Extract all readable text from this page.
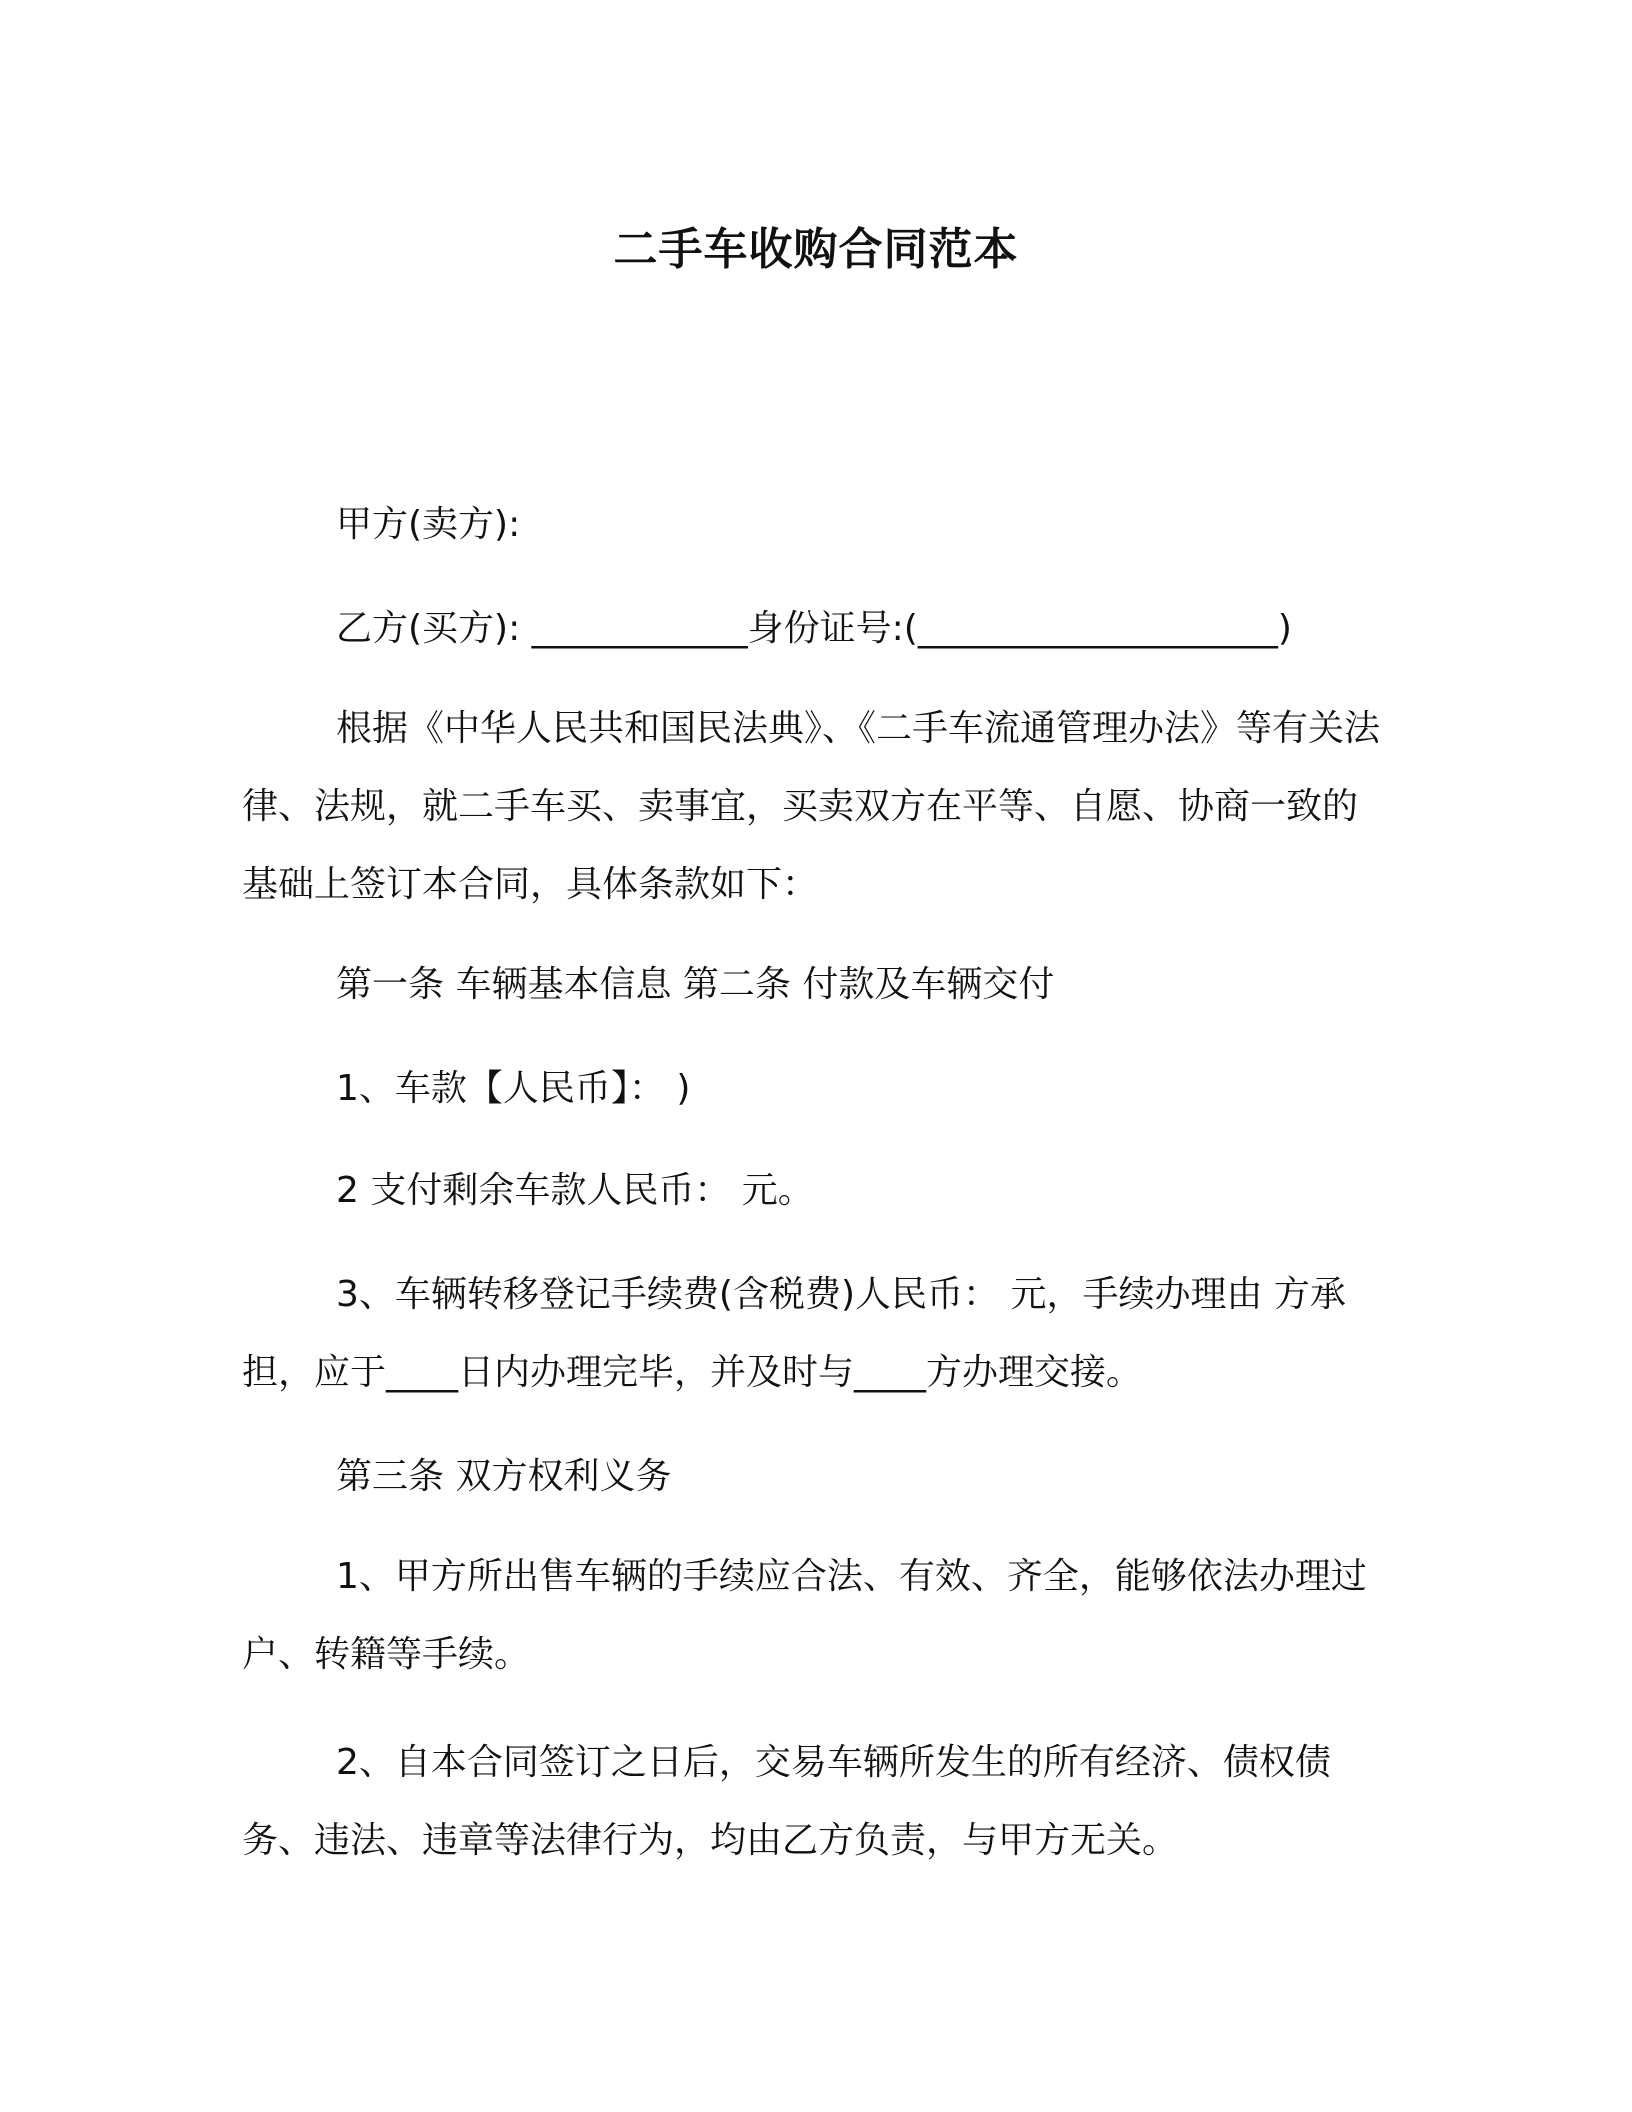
二手车收购合同范本
甲方(卖方):
乙方(买方): ____________身份证号:(____________________)
根据《中华人民共和国民法典》、《二手车流通管理办法》等有关法律、法规，就二手车买、卖事宜，买卖双方在平等、自愿、协商一致的基础上签订本合同，具体条款如下：
第一条 车辆基本信息 第二条 付款及车辆交付
1、车款【人民币】： )
2 支付剩余车款人民币： 元。
3、车辆转移登记手续费(含税费)人民币： 元，手续办理由 方承担，应于____日内办理完毕，并及时与____方办理交接。
第三条 双方权利义务
1、甲方所出售车辆的手续应合法、有效、齐全，能够依法办理过户、转籍等手续。
2、自本合同签订之日后，交易车辆所发生的所有经济、债权债务、违法、违章等法律行为，均由乙方负责，与甲方无关。
